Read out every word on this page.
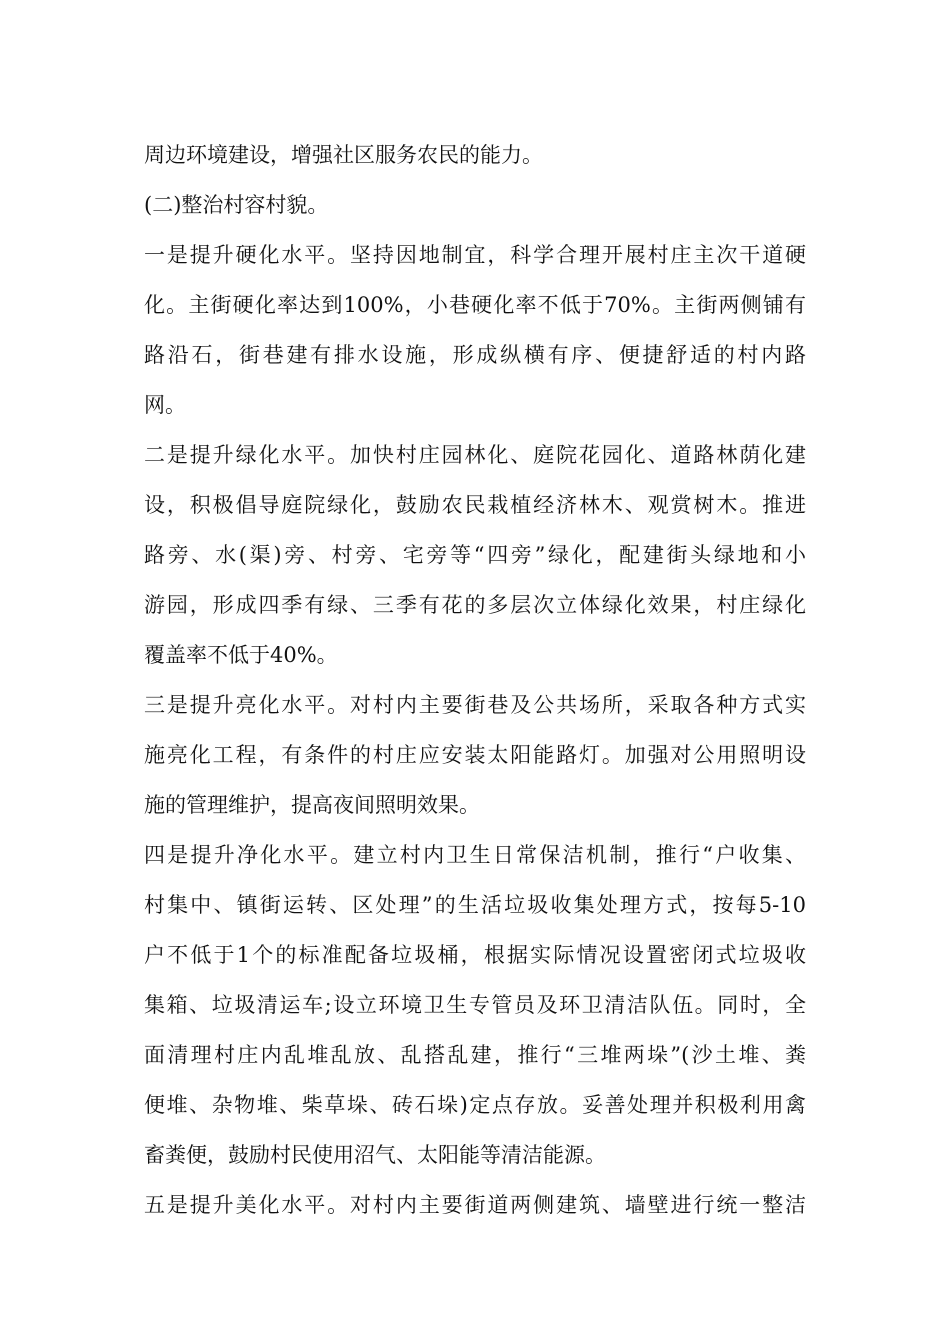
周边环境建设，增强社区服务农民的能力。
(二)整治村容村貌。
一是提升硬化水平。坚持因地制宜，科学合理开展村庄主次干道硬
化。主街硬化率达到100%，小巷硬化率不低于70%。主街两侧铺有
路沿石，街巷建有排水设施，形成纵横有序、便捷舒适的村内路
网。
二是提升绿化水平。加快村庄园林化、庭院花园化、道路林荫化建
设，积极倡导庭院绿化，鼓励农民栽植经济林木、观赏树木。推进
路旁、水(渠)旁、村旁、宅旁等“四旁”绿化，配建街头绿地和小
游园，形成四季有绿、三季有花的多层次立体绿化效果，村庄绿化
覆盖率不低于40%。
三是提升亮化水平。对村内主要街巷及公共场所，采取各种方式实
施亮化工程，有条件的村庄应安装太阳能路灯。加强对公用照明设
施的管理维护，提高夜间照明效果。
四是提升净化水平。建立村内卫生日常保洁机制，推行“户收集、
村集中、镇街运转、区处理”的生活垃圾收集处理方式，按每5-10
户不低于1个的标准配备垃圾桶，根据实际情况设置密闭式垃圾收
集箱、垃圾清运车;设立环境卫生专管员及环卫清洁队伍。同时，全
面清理村庄内乱堆乱放、乱搭乱建，推行“三堆两垛”(沙土堆、粪
便堆、杂物堆、柴草垛、砖石垛)定点存放。妥善处理并积极利用禽
畜粪便，鼓励村民使用沼气、太阳能等清洁能源。
五是提升美化水平。对村内主要街道两侧建筑、墙壁进行统一整洁
